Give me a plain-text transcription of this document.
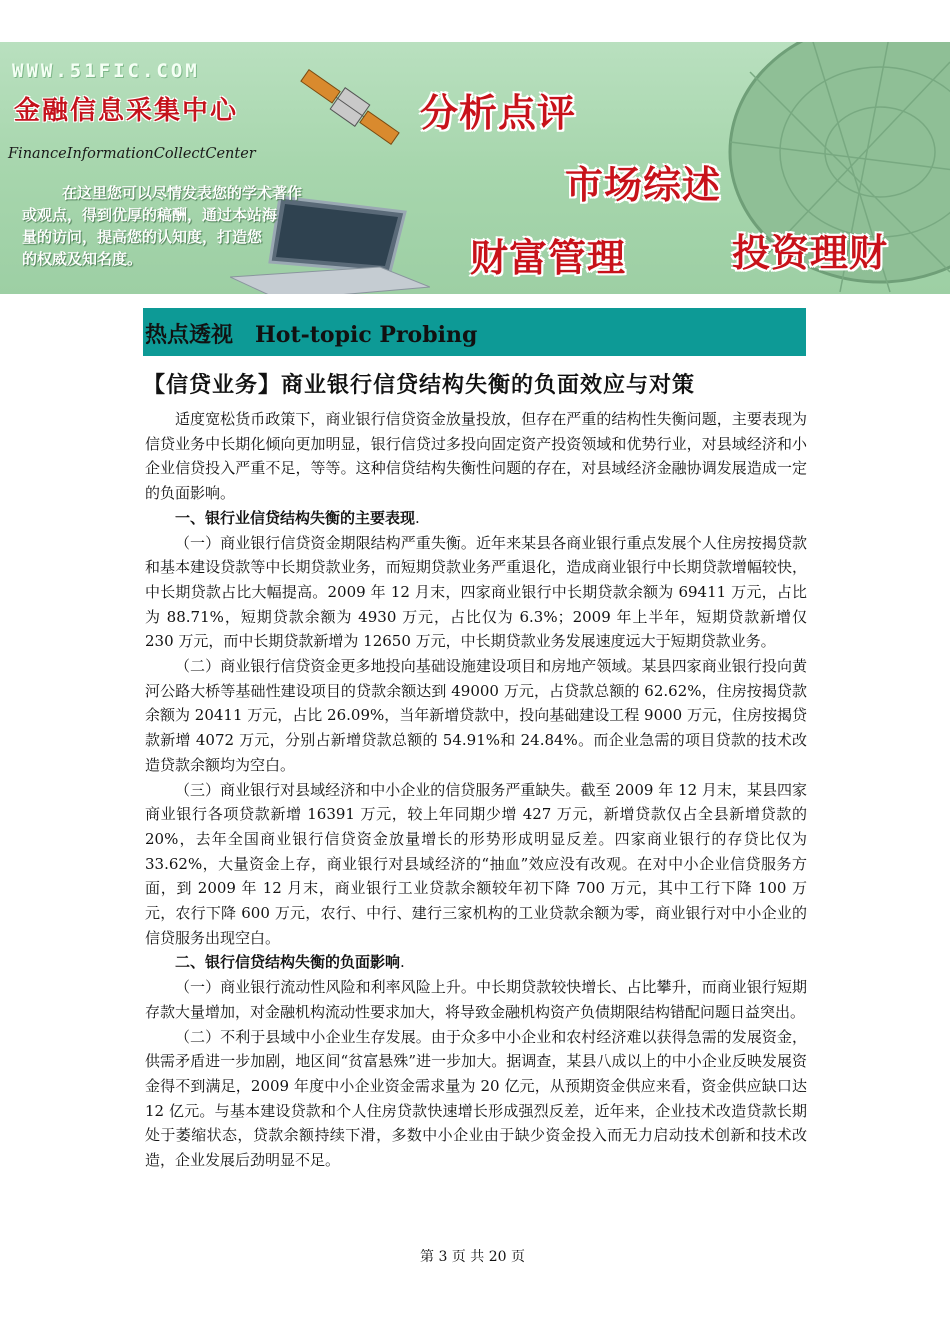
WWW.51FIC.COM
金融信息采集中心
FinanceInformationCollectCenter
在这里您可以尽情发表您的学术著作
或观点，得到优厚的稿酬，通过本站海
量的访问，提高您的认知度，打造您
的权威及知名度。
分析点评
市场综述
财富管理	投资理财
热点透视 Hot-topic Probing
【信贷业务】商业银行信贷结构失衡的负面效应与对策

适度宽松货币政策下，商业银行信贷资金放量投放，但存在严重的结构性失衡问题，主要表现为信贷业务中长期化倾向更加明显，银行信贷过多投向固定资产投资领域和优势行业，对县域经济和小企业信贷投入严重不足，等等。这种信贷结构失衡性问题的存在，对县域经济金融协调发展造成一定的负面影响。

一、银行业信贷结构失衡的主要表现.

（一）商业银行信贷资金期限结构严重失衡。近年来某县各商业银行重点发展个人住房按揭贷款和基本建设贷款等中长期贷款业务，而短期贷款业务严重退化，造成商业银行中长期贷款增幅较快，中长期贷款占比大幅提高。2009 年 12 月末，四家商业银行中长期贷款余额为 69411 万元，占比为 88.71%，短期贷款余额为 4930 万元，占比仅为 6.3%；2009 年上半年，短期贷款新增仅 230 万元，而中长期贷款新增为 12650 万元，中长期贷款业务发展速度远大于短期贷款业务。

（二）商业银行信贷资金更多地投向基础设施建设项目和房地产领域。某县四家商业银行投向黄河公路大桥等基础性建设项目的贷款余额达到 49000 万元，占贷款总额的 62.62%，住房按揭贷款余额为 20411 万元，占比 26.09%，当年新增贷款中，投向基础建设工程 9000 万元，住房按揭贷款新增 4072 万元，分别占新增贷款总额的 54.91%和 24.84%。而企业急需的项目贷款的技术改造贷款余额均为空白。

（三）商业银行对县域经济和中小企业的信贷服务严重缺失。截至 2009 年 12 月末，某县四家商业银行各项贷款新增 16391 万元，较上年同期少增 427 万元，新增贷款仅占全县新增贷款的 20%，去年全国商业银行信贷资金放量增长的形势形成明显反差。四家商业银行的存贷比仅为 33.62%，大量资金上存，商业银行对县域经济的“抽血”效应没有改观。在对中小企业信贷服务方面，到 2009 年 12 月末，商业银行工业贷款余额较年初下降 700 万元，其中工行下降 100 万元，农行下降 600 万元，农行、中行、建行三家机构的工业贷款余额为零，商业银行对中小企业的信贷服务出现空白。

二、银行信贷结构失衡的负面影响.

（一）商业银行流动性风险和利率风险上升。中长期贷款较快增长、占比攀升，而商业银行短期存款大量增加，对金融机构流动性要求加大，将导致金融机构资产负债期限结构错配问题日益突出。

（二）不利于县域中小企业生存发展。由于众多中小企业和农村经济难以获得急需的发展资金，供需矛盾进一步加剧，地区间“贫富悬殊”进一步加大。据调查，某县八成以上的中小企业反映发展资金得不到满足，2009 年度中小企业资金需求量为 20 亿元，从预期资金供应来看，资金供应缺口达 12 亿元。与基本建设贷款和个人住房贷款快速增长形成强烈反差，近年来，企业技术改造贷款长期处于萎缩状态，贷款余额持续下滑，多数中小企业由于缺少资金投入而无力启动技术创新和技术改造，企业发展后劲明显不足。

第 3 页 共 20 页
